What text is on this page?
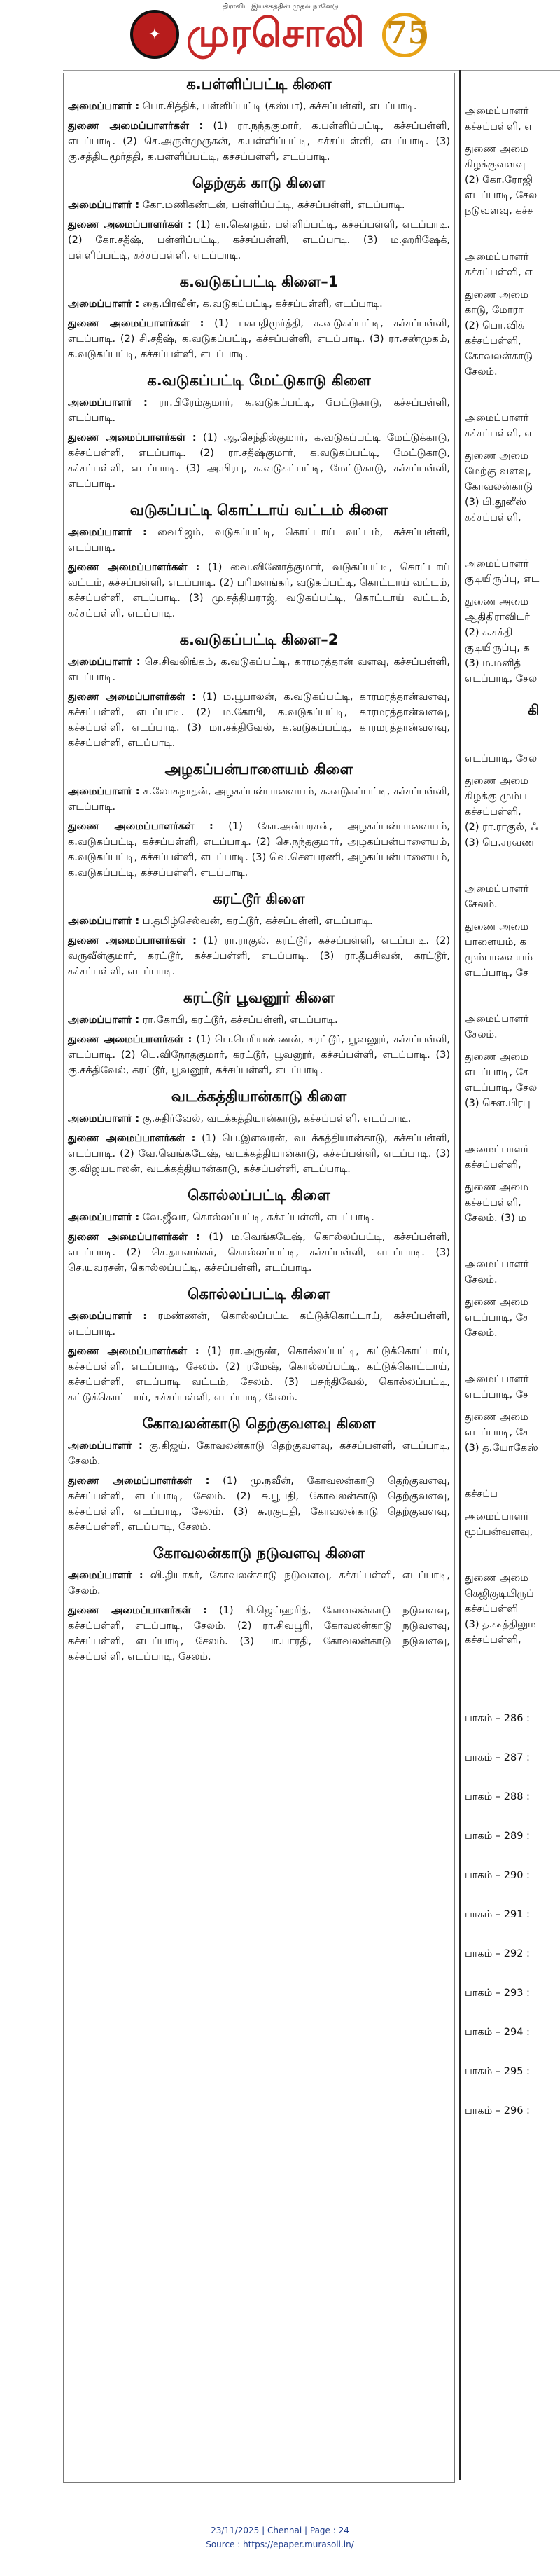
திராவிட இயக்கத்தின் முதல் நாளேடு
✦ முரசொலி 75
க.பள்ளிப்பட்டி கிளை
அமைப்பாளர் : பொ.சித்திக், பள்ளிப்பட்டி (கஸ்பா), கச்சப்பள்ளி, எடப்பாடி.
துணை அமைப்பாளர்கள் : (1) ரா.நந்தகுமார், க.பள்ளிப்பட்டி, கச்சப்பள்ளி, எடப்பாடி. (2) செ.அருள்முருகன், க.பள்ளிப்பட்டி, கச்சப்பள்ளி, எடப்பாடி. (3) கு.சத்தியமூர்த்தி, க.பள்ளிப்பட்டி, கச்சப்பள்ளி, எடப்பாடி.
தெற்குக் காடு கிளை
அமைப்பாளர் : கோ.மணிகண்டன், பள்ளிப்பட்டி, கச்சப்பள்ளி, எடப்பாடி.
துணை அமைப்பாளர்கள் : (1) கா.கௌதம், பள்ளிப்பட்டி, கச்சப்பள்ளி, எடப்பாடி. (2) கோ.சதீஷ், பள்ளிப்பட்டி, கச்சப்பள்ளி, எடப்பாடி. (3) ம.ஹரிஷேக், பள்ளிப்பட்டி, கச்சப்பள்ளி, எடப்பாடி.
க.வடுகப்பட்டி கிளை–1
அமைப்பாளர் : தை.பிரவீன், க.வடுகப்பட்டி, கச்சப்பள்ளி, எடப்பாடி.
துணை அமைப்பாளர்கள் : (1) பசுபதிமூர்த்தி, க.வடுகப்பட்டி, கச்சப்பள்ளி, எடப்பாடி. (2) சி.சதீஷ், க.வடுகப்பட்டி, கச்சப்பள்ளி, எடப்பாடி. (3) ரா.சண்முகம், க.வடுகப்பட்டி, கச்சப்பள்ளி, எடப்பாடி.
க.வடுகப்பட்டி மேட்டுகாடு கிளை
அமைப்பாளர் : ரா.பிரேம்குமார், க.வடுகப்பட்டி, மேட்டுகாடு, கச்சப்பள்ளி, எடப்பாடி.
துணை அமைப்பாளர்கள் : (1) ஆ.செந்தில்குமார், க.வடுகப்பட்டி மேட்டுக்காடு, கச்சப்பள்ளி, எடப்பாடி. (2) ரா.சதீஷ்குமார், க.வடுகப்பட்டி, மேட்டுகாடு, கச்சப்பள்ளி, எடப்பாடி. (3) அ.பிரபு, க.வடுகப்பட்டி, மேட்டுகாடு, கச்சப்பள்ளி, எடப்பாடி.
வடுகப்பட்டி கொட்டாய் வட்டம் கிளை
அமைப்பாளர் : வைரிஜம், வடுகப்பட்டி, கொட்டாய் வட்டம், கச்சப்பள்ளி, எடப்பாடி.
துணை அமைப்பாளர்கள் : (1) வை.வினோத்குமார், வடுகப்பட்டி, கொட்டாய் வட்டம், கச்சப்பள்ளி, எடப்பாடி. (2) பரிமளங்கர், வடுகப்பட்டி, கொட்டாய் வட்டம், கச்சப்பள்ளி, எடப்பாடி. (3) மு.சத்தியராஜ், வடுகப்பட்டி, கொட்டாய் வட்டம், கச்சப்பள்ளி, எடப்பாடி.
க.வடுகப்பட்டி கிளை–2
அமைப்பாளர் : செ.சிவலிங்கம், க.வடுகப்பட்டி, காரமரத்தான் வளவு, கச்சப்பள்ளி, எடப்பாடி.
துணை அமைப்பாளர்கள் : (1) ம.பூபாலன், க.வடுகப்பட்டி, காரமரத்தான்வளவு, கச்சப்பள்ளி, எடப்பாடி. (2) ம.கோபி, க.வடுகப்பட்டி, காரமரத்தான்வளவு, கச்சப்பள்ளி, எடப்பாடி. (3) மா.சக்திவேல், க.வடுகப்பட்டி, காரமரத்தான்வளவு, கச்சப்பள்ளி, எடப்பாடி.
அழகப்பன்பாளையம் கிளை
அமைப்பாளர் : ச.லோகநாதன், அழகப்பன்பாளையம், க.வடுகப்பட்டி, கச்சப்பள்ளி, எடப்பாடி.
துணை அமைப்பாளர்கள் : (1) கோ.அன்பரசன், அழகப்பன்பாளையம், க.வடுகப்பட்டி, கச்சப்பள்ளி, எடப்பாடி. (2) செ.நந்தகுமார், அழகப்பன்பாளையம், க.வடுகப்பட்டி, கச்சப்பள்ளி, எடப்பாடி. (3) வெ.சௌபரணி, அழகப்பன்பாளையம், க.வடுகப்பட்டி, கச்சப்பள்ளி, எடப்பாடி.
கரட்டூர் கிளை
அமைப்பாளர் : ப.தமிழ்செல்வன், கரட்டூர், கச்சப்பள்ளி, எடப்பாடி.
துணை அமைப்பாளர்கள் : (1) ரா.ராகுல், கரட்டூர், கச்சப்பள்ளி, எடப்பாடி. (2) வருவீள்குமார், கரட்டூர், கச்சப்பள்ளி, எடப்பாடி. (3) ரா.தீபசிவன், கரட்டூர், கச்சப்பள்ளி, எடப்பாடி.
கரட்டூர் பூவனூர் கிளை
அமைப்பாளர் : ரா.கோபி, கரட்டூர், கச்சப்பள்ளி, எடப்பாடி.
துணை அமைப்பாளர்கள் : (1) பெ.பெரியண்ணன், கரட்டூர், பூவனூர், கச்சப்பள்ளி, எடப்பாடி. (2) பெ.விநோதகுமார், கரட்டூர், பூவனூர், கச்சப்பள்ளி, எடப்பாடி. (3) கு.சக்திவேல், கரட்டூர், பூவனூர், கச்சப்பள்ளி, எடப்பாடி.
வடக்கத்தியான்காடு கிளை
அமைப்பாளர் : கு.சுதிர்வேல், வடக்கத்தியான்காடு, கச்சப்பள்ளி, எடப்பாடி.
துணை அமைப்பாளர்கள் : (1) பெ.இளவரன், வடக்கத்தியான்காடு, கச்சப்பள்ளி, எடப்பாடி. (2) வே.வெங்கடேஷ், வடக்கத்தியான்காடு, கச்சப்பள்ளி, எடப்பாடி. (3) கு.விஜயபாலன், வடக்கத்தியான்காடு, கச்சப்பள்ளி, எடப்பாடி.
கொல்லப்பட்டி கிளை
அமைப்பாளர் : வே.ஜீவா, கொல்லப்பட்டி, கச்சப்பள்ளி, எடப்பாடி.
துணை அமைப்பாளர்கள் : (1) ம.வெங்கடேஷ், கொல்லப்பட்டி, கச்சப்பள்ளி, எடப்பாடி. (2) செ.தயளங்கர், கொல்லப்பட்டி, கச்சப்பள்ளி, எடப்பாடி. (3) செ.யுவரசன், கொல்லப்பட்டி, கச்சப்பள்ளி, எடப்பாடி.
கொல்லப்பட்டி கிளை
அமைப்பாளர் : ரமண்ணன், கொல்லப்பட்டி கட்டுக்கொட்டாய், கச்சப்பள்ளி, எடப்பாடி.
துணை அமைப்பாளர்கள் : (1) ரா.அருண், கொல்லப்பட்டி, கட்டுக்கொட்டாய், கச்சப்பள்ளி, எடப்பாடி, சேலம். (2) ரமேஷ், கொல்லப்பட்டி, கட்டுக்கொட்டாய், கச்சப்பள்ளி, எடப்பாடி வட்டம், சேலம். (3) பசுந்திவேல், கொல்லப்பட்டி, கட்டுக்கொட்டாய், கச்சப்பள்ளி, எடப்பாடி, சேலம்.
கோவலன்காடு தெற்குவளவு கிளை
அமைப்பாளர் : கு.கிஜய், கோவலன்காடு தெற்குவளவு, கச்சப்பள்ளி, எடப்பாடி, சேலம்.
துணை அமைப்பாளர்கள் : (1) மு.நவீன், கோவலன்காடு தெற்குவளவு, கச்சப்பள்ளி, எடப்பாடி, சேலம். (2) சு.பூபதி, கோவலன்காடு தெற்குவளவு, கச்சப்பள்ளி, எடப்பாடி, சேலம். (3) சு.ரகுபதி, கோவலன்காடு தெற்குவளவு, கச்சப்பள்ளி, எடப்பாடி, சேலம்.
கோவலன்காடு நடுவளவு கிளை
அமைப்பாளர் : வி.தியாகர், கோவலன்காடு நடுவளவு, கச்சப்பள்ளி, எடப்பாடி, சேலம்.
துணை அமைப்பாளர்கள் : (1) சி.ஜெய்ஹரித், கோவலன்காடு நடுவளவு, கச்சப்பள்ளி, எடப்பாடி, சேலம். (2) ரா.சிவபூரி, கோவலன்காடு நடுவளவு, கச்சப்பள்ளி, எடப்பாடி, சேலம். (3) பா.பாரதி, கோவலன்காடு நடுவளவு, கச்சப்பள்ளி, எடப்பாடி, சேலம்.
அமைப்பாளர்
கச்சப்பள்ளி, எ
துணை அமை
கிழக்குவளவு
(2) கோ.ரோஜி
எடப்பாடி, சேல
நடுவளவு, கச்ச
அமைப்பாளர்
கச்சப்பள்ளி, எ
துணை அமை
காடு, மோரா
(2) பொ.விக்
கச்சப்பள்ளி,
கோவலன்காடு
சேலம்.
அமைப்பாளர்
கச்சப்பள்ளி, எ
துணை அமை
மேற்கு வளவு,
கோவலன்காடு
(3) பி.தூனீஸ்
கச்சப்பள்ளி,
அமைப்பாளர்
குடியிருப்பு, எட
துணை அமை
ஆதிதிராவிடர்
(2) க.சக்தி
குடியிருப்பு, க
(3) ம.மனித்
எடப்பாடி, சேல
கி
எடப்பாடி, சேல
துணை அமை
கிழக்கு மும்ப
கச்சப்பள்ளி,
(2) ரா.ராகுல், ஃ
(3) பெ.சரவண
அமைப்பாளர்
சேலம்.
துணை அமை
பாளையம், க
மும்பாளையம்
எடப்பாடி, சே
அமைப்பாளர்
சேலம்.
துணை அமை
எடப்பாடி, சே
எடப்பாடி, சேல
(3) சௌ.பிரபு
அமைப்பாளர்
கச்சப்பள்ளி,
துணை அமை
கச்சப்பள்ளி,
சேலம். (3) ம
அமைப்பாளர்
சேலம்.
துணை அமை
எடப்பாடி, சே
சேலம்.
அமைப்பாளர்
எடப்பாடி, சே
துணை அமை
எடப்பாடி, சே
(3) த.யோகேஸ்
கச்சப்ப
அமைப்பாளர்
மூப்பன்வளவு,
துணை அமை
கெஜிகுடியிருப்
கச்சப்பள்ளி
(3) த.கூத்திலும
கச்சப்பள்ளி,
பாகம் – 286 :
பாகம் – 287 :
பாகம் – 288 :
பாகம் – 289 :
பாகம் – 290 :
பாகம் – 291 :
பாகம் – 292 :
பாகம் – 293 :
பாகம் – 294 :
பாகம் – 295 :
பாகம் – 296 :
23/11/2025 | Chennai | Page : 24
Source : https://epaper.murasoli.in/
